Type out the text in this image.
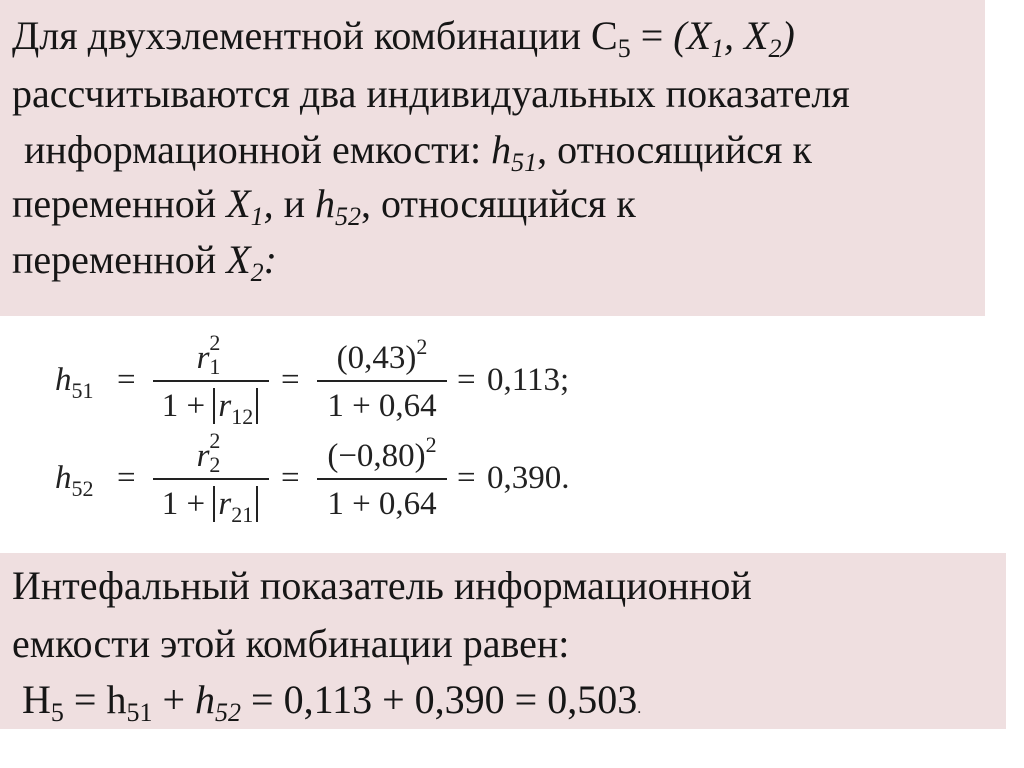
Для двухэлементной комбинации $С_5 = (X_1$, $X_2$)
рассчитываются два индивидуальных показателя
информационной емкости: $h_{51}$, относящийся к
переменной $X_1$, и $h_{52}$, относящийся к
переменной $X_2$:
$h_{51}$ =
r 2
1
$1 + r_{12}$
=
$(0,43)^2$
1 + 0,64
= 0,113;
$h_{52}$ =
r 2
2
$1 + r_{21}$
=
$(-0,80)^2$
1 + 0,64
= 0,390.
Интефальный показатель информационной
емкости этой комбинации равен:
$Н_5 = h_{51} + h_{52} = 0,113 + 0,390 = 0,503$.
